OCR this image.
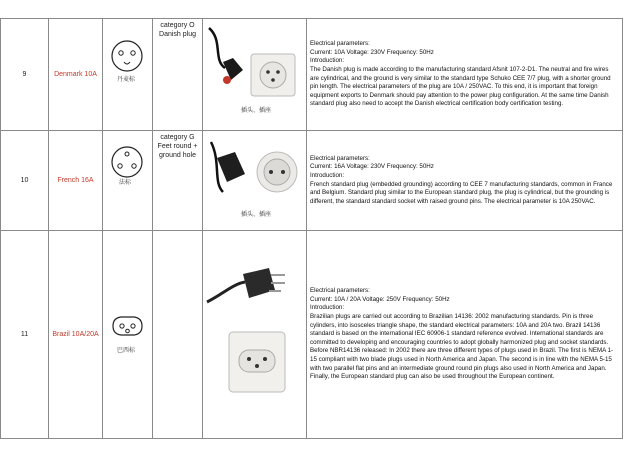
9	Denmark 10A	丹麦标	category O Danish plug	插头、插座	Electrical parameters:

Current: 10A Voltage: 230V Frequency: 50Hz

Introduction:

The Danish plug is made according to the manufacturing standard Afsnit 107-2-D1. The neutral and fire wires are cylindrical, and the ground is very similar to the standard type Schuko CEE 7/7 plug, with a shorter ground pin length. The electrical parameters of the plug are 10A / 250VAC. To this end, it is important that foreign equipment exports to Denmark should pay attention to the power plug configuration. At the same time Danish standard plug also need to accept the Danish electrical certification body certification testing.

10	French 16A	法标	category G Feet round + ground hole	插头、插座	Electrical parameters:

Current: 16A Voltage: 230V Frequency: 50Hz

Introduction:

French standard plug (embedded grounding) according to CEE 7 manufacturing standards, common in France and Belgium. Standard plug similar to the European standard plug, the plug is cylindrical, but the grounding is different, the standard standard socket with raised ground pins. The electrical parameter is 10A 250VAC.

11	Brazil 10A/20A	巴西标			Electrical parameters:

Current: 10A / 20A Voltage: 250V Frequency: 50Hz

Introduction:

Brazilian plugs are carried out according to Brazilian 14136: 2002 manufacturing standards. Pin is three cylinders, into isosceles triangle shape, the standard electrical parameters: 10A and 20A two. Brazil 14136 standard is based on the international IEC 60906-1 standard reference evolved. International standards are committed to developing and encouraging countries to adopt globally harmonized plug and socket standards.

Before NBR14136 released: In 2002 there are three different types of plugs used in Brazil. The first is NEMA 1-15 compliant with two blade plugs used in North America and Japan. The second is in line with the NEMA 5-15 with two parallel flat pins and an intermediate ground round pin plugs also used in North America and Japan. Finally, the European standard plug can also be used throughout the European continent.
